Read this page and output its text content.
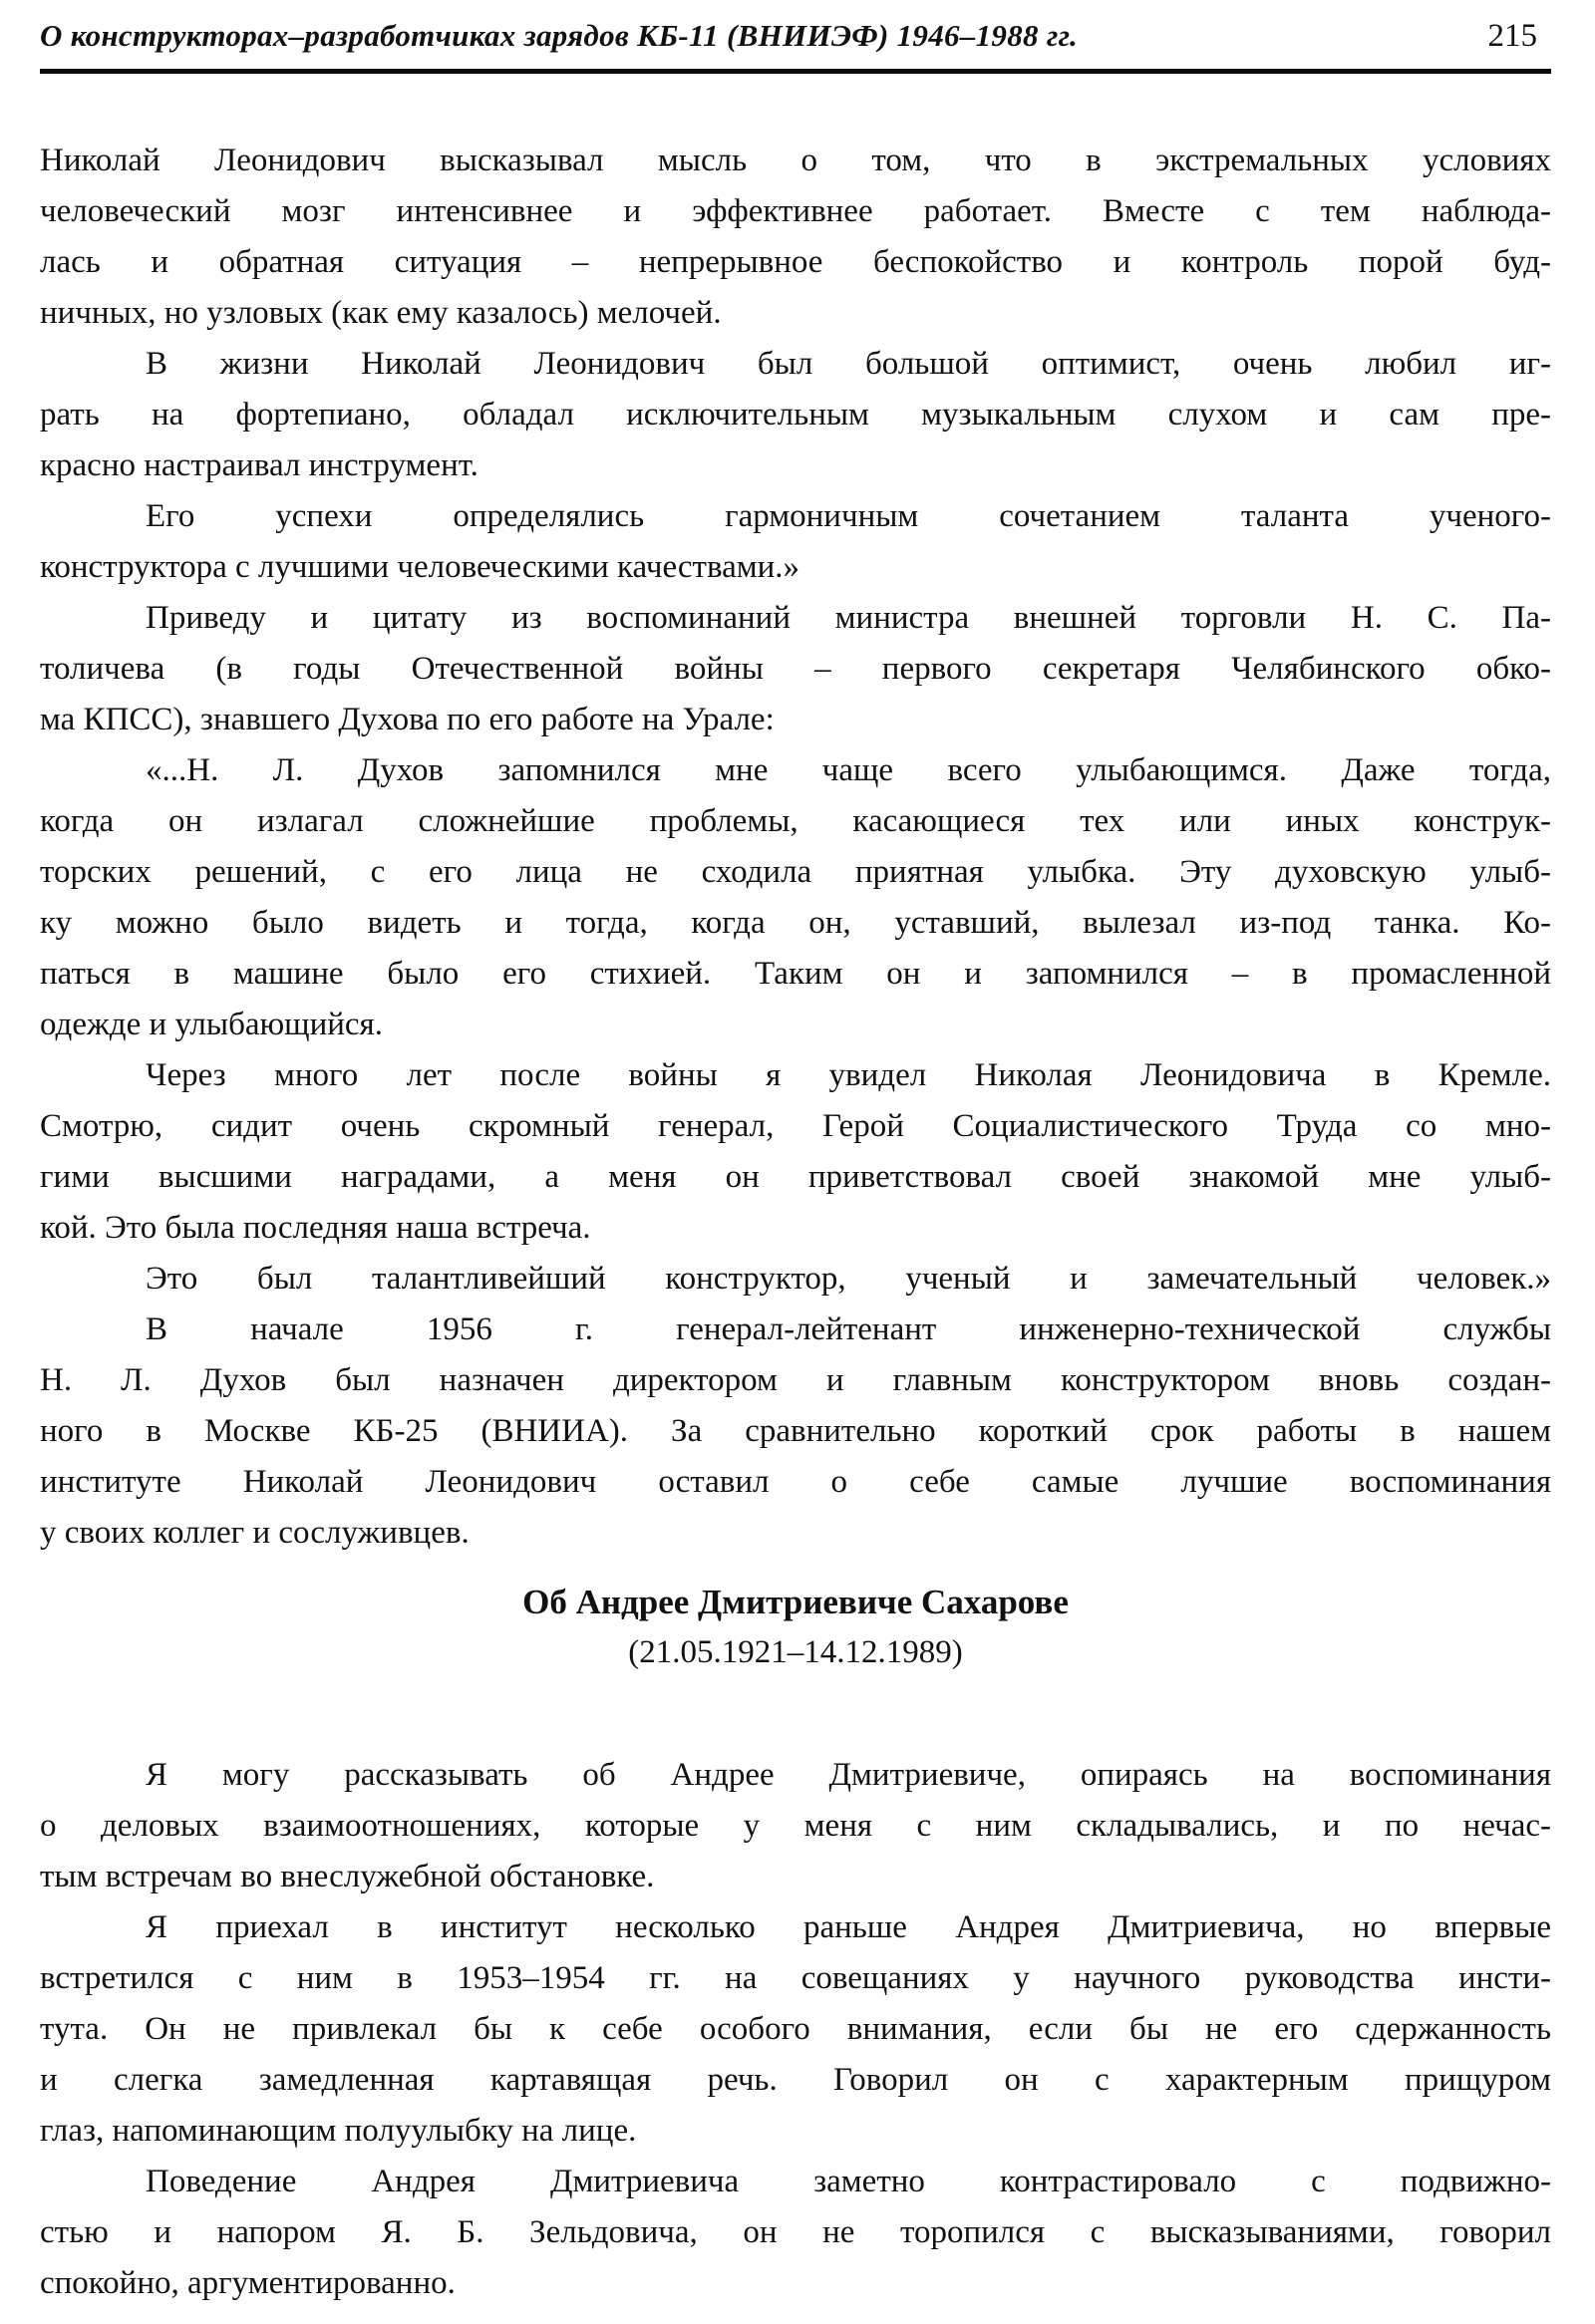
О конструкторах–разработчиках зарядов КБ-11 (ВНИИЭФ) 1946–1988 гг.	215
Николай Леонидович высказывал мысль о том, что в экстремальных условиях
человеческий мозг интенсивнее и эффективнее работает. Вместе с тем наблюда-
лась и обратная ситуация – непрерывное беспокойство и контроль порой буд-
ничных, но узловых (как ему казалось) мелочей.
В жизни Николай Леонидович был большой оптимист, очень любил иг-
рать на фортепиано, обладал исключительным музыкальным слухом и сам пре-
красно настраивал инструмент.
Его успехи определялись гармоничным сочетанием таланта ученого-
конструктора с лучшими человеческими качествами.»
Приведу и цитату из воспоминаний министра внешней торговли Н. С. Па-
толичева (в годы Отечественной войны – первого секретаря Челябинского обко-
ма КПСС), знавшего Духова по его работе на Урале:
«...Н. Л. Духов запомнился мне чаще всего улыбающимся. Даже тогда,
когда он излагал сложнейшие проблемы, касающиеся тех или иных конструк-
торских решений, с его лица не сходила приятная улыбка. Эту духовскую улыб-
ку можно было видеть и тогда, когда он, уставший, вылезал из-под танка. Ко-
паться в машине было его стихией. Таким он и запомнился – в промасленной
одежде и улыбающийся.
Через много лет после войны я увидел Николая Леонидовича в Кремле.
Смотрю, сидит очень скромный генерал, Герой Социалистического Труда со мно-
гими высшими наградами, а меня он приветствовал своей знакомой мне улыб-
кой. Это была последняя наша встреча.
Это был талантливейший конструктор, ученый и замечательный человек.»
В начале 1956 г. генерал-лейтенант инженерно-технической службы
Н. Л. Духов был назначен директором и главным конструктором вновь создан-
ного в Москве КБ-25 (ВНИИА). За сравнительно короткий срок работы в нашем
институте Николай Леонидович оставил о себе самые лучшие воспоминания
у своих коллег и сослуживцев.
Об Андрее Дмитриевиче Сахарове
(21.05.1921–14.12.1989)
Я могу рассказывать об Андрее Дмитриевиче, опираясь на воспоминания
о деловых взаимоотношениях, которые у меня с ним складывались, и по нечас-
тым встречам во внеслужебной обстановке.
Я приехал в институт несколько раньше Андрея Дмитриевича, но впервые
встретился с ним в 1953–1954 гг. на совещаниях у научного руководства инсти-
тута. Он не привлекал бы к себе особого внимания, если бы не его сдержанность
и слегка замедленная картавящая речь. Говорил он с характерным прищуром
глаз, напоминающим полуулыбку на лице.
Поведение Андрея Дмитриевича заметно контрастировало с подвижно-
стью и напором Я. Б. Зельдовича, он не торопился с высказываниями, говорил
спокойно, аргументированно.
